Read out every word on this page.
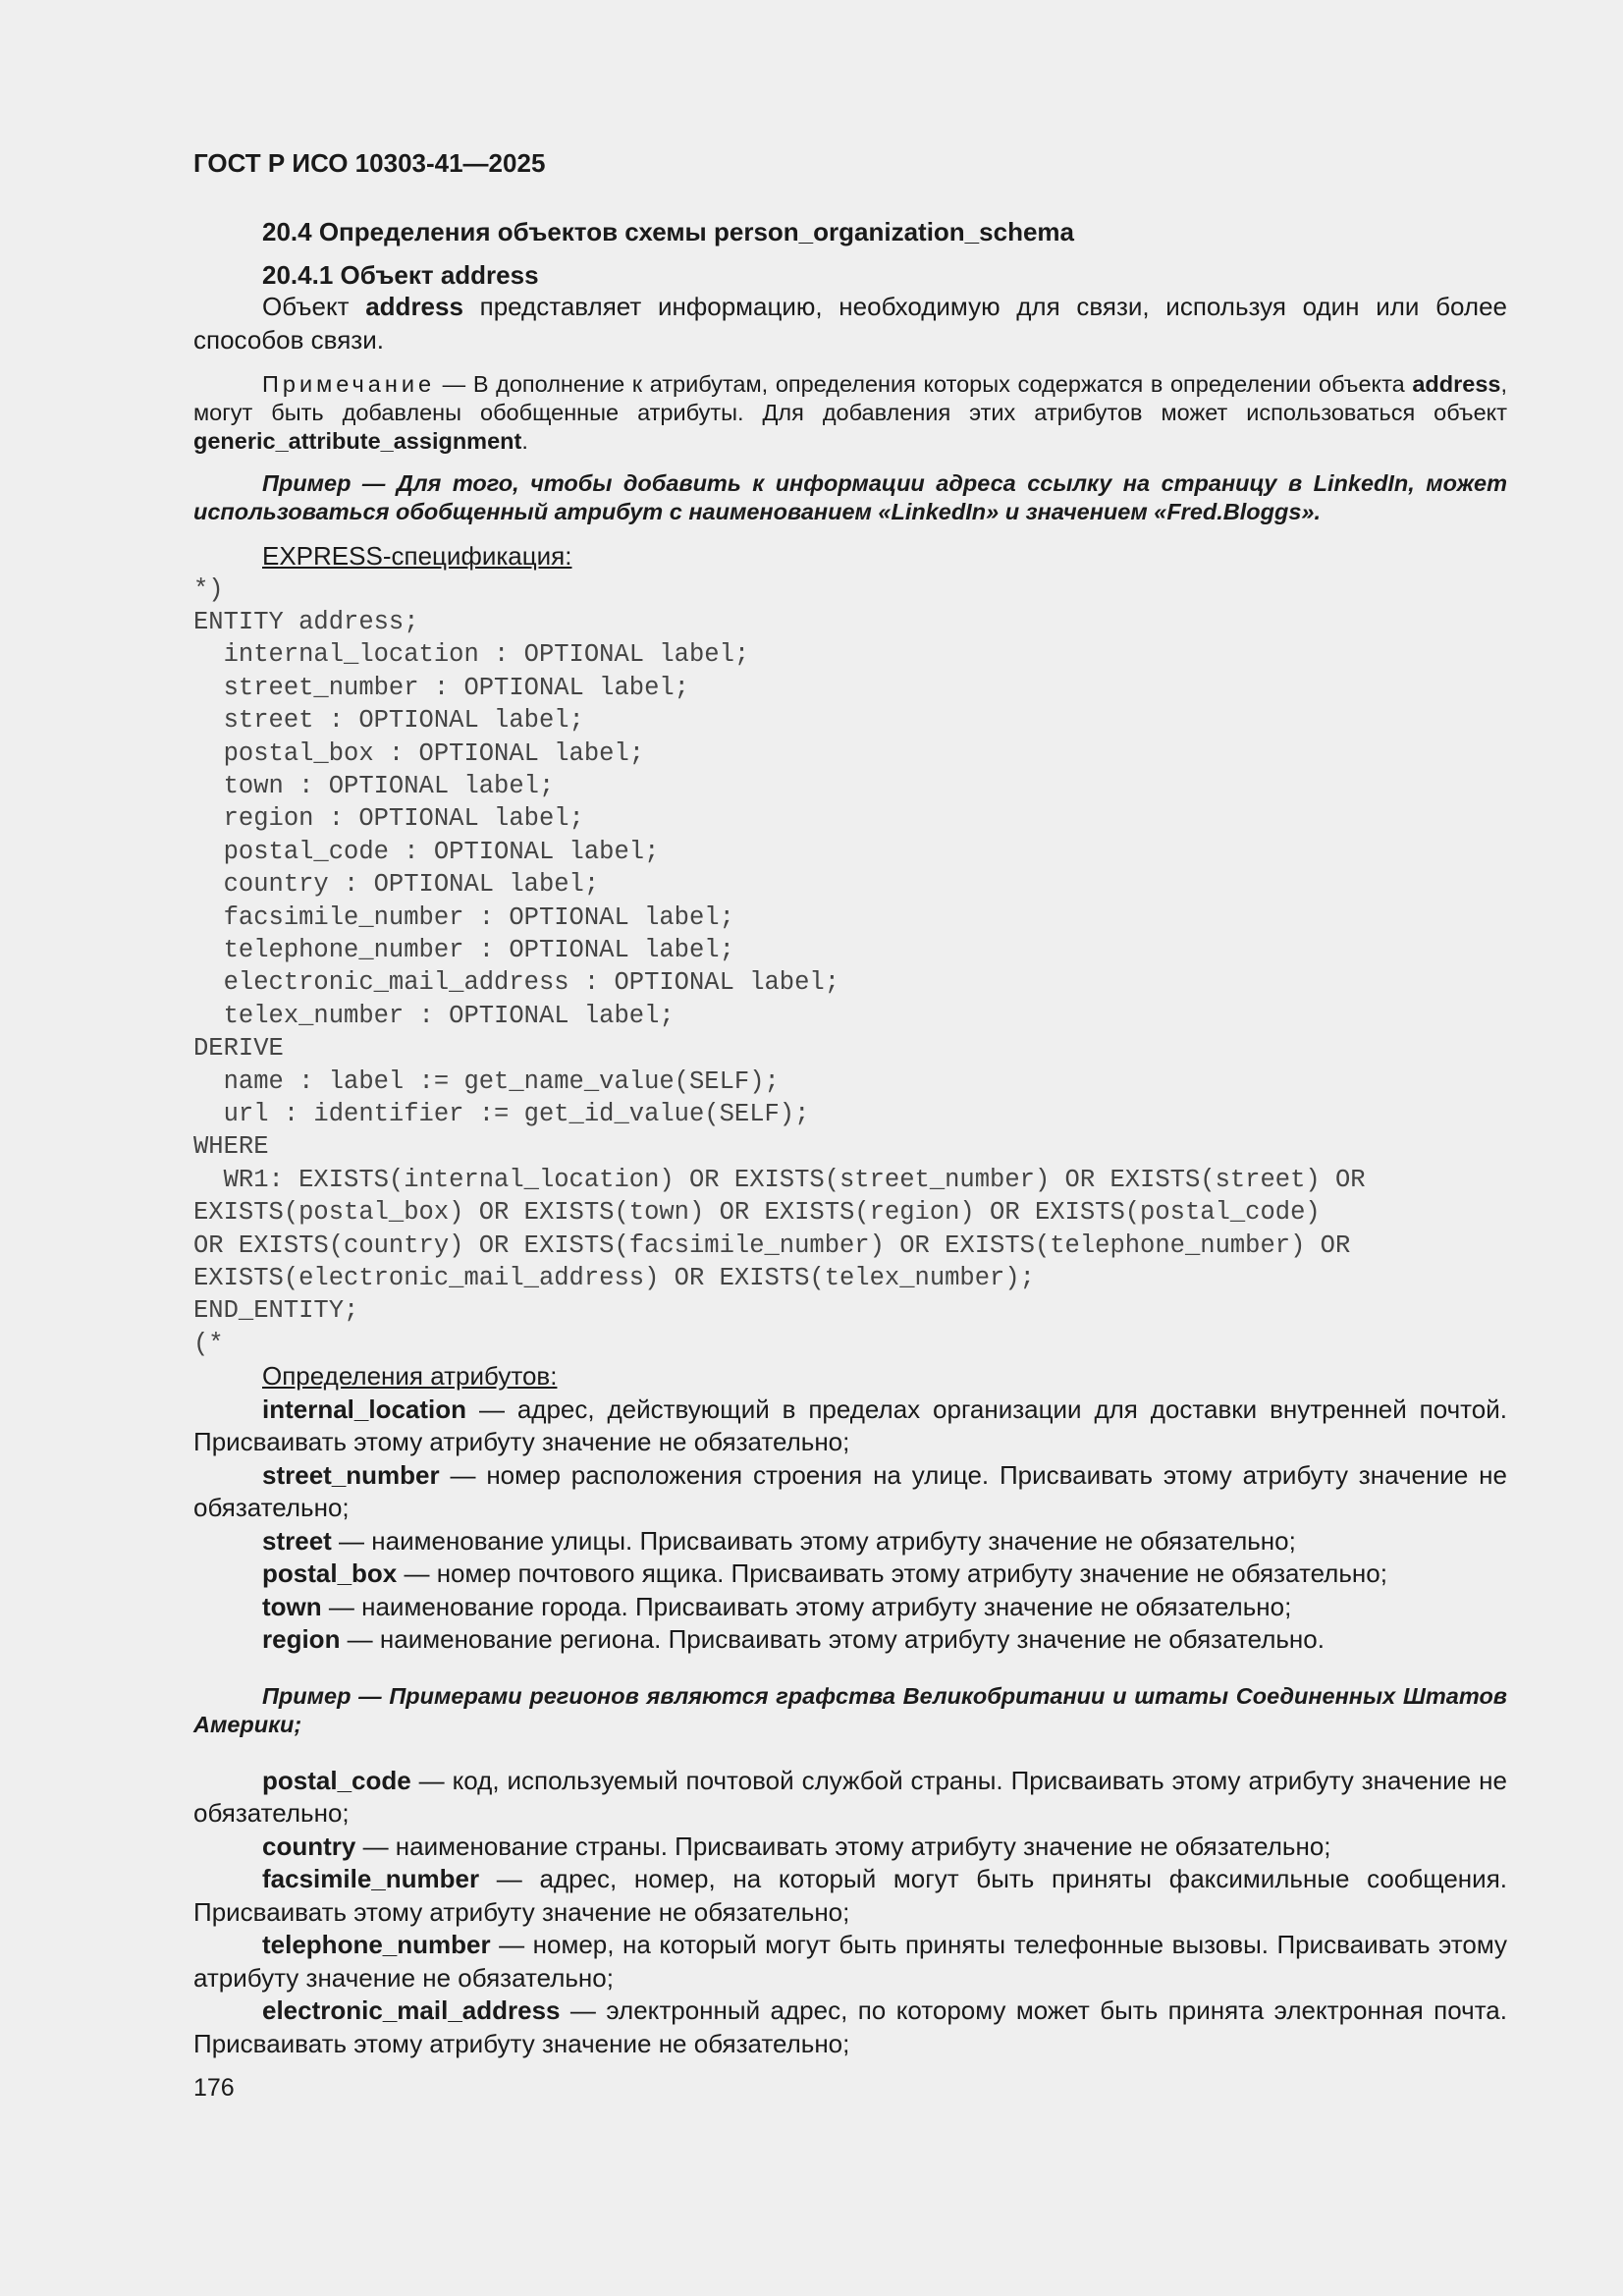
ГОСТ Р ИСО 10303-41—2025
20.4 Определения объектов схемы person_organization_schema
20.4.1 Объект address

Объект address представляет информацию, необходимую для связи, используя один или более способов связи.

Примечание — В дополнение к атрибутам, определения которых содержатся в определении объекта address, могут быть добавлены обобщенные атрибуты. Для добавления этих атрибутов может использоваться объект generic_attribute_assignment.

Пример — Для того, чтобы добавить к информации адреса ссылку на страницу в LinkedIn, может использоваться обобщенный атрибут с наименованием «LinkedIn» и значением «Fred.Bloggs».

EXPRESS-спецификация:
*)
ENTITY address;
internal_location : OPTIONAL label;
street_number : OPTIONAL label;
street : OPTIONAL label;
postal_box : OPTIONAL label;
town : OPTIONAL label;
region : OPTIONAL label;
postal_code : OPTIONAL label;
country : OPTIONAL label;
facsimile_number : OPTIONAL label;
telephone_number : OPTIONAL label;
electronic_mail_address : OPTIONAL label;
telex_number : OPTIONAL label;
DERIVE
name : label := get_name_value(SELF);
url : identifier := get_id_value(SELF);
WHERE
WR1: EXISTS(internal_location) OR EXISTS(street_number) OR EXISTS(street) OR
EXISTS(postal_box) OR EXISTS(town) OR EXISTS(region) OR EXISTS(postal_code)
OR EXISTS(country) OR EXISTS(facsimile_number) OR EXISTS(telephone_number) OR
EXISTS(electronic_mail_address) OR EXISTS(telex_number);
END_ENTITY;
(*
Определения атрибутов:

internal_location — адрес, действующий в пределах организации для доставки внутренней почтой. Присваивать этому атрибуту значение не обязательно;

street_number — номер расположения строения на улице. Присваивать этому атрибуту значение не обязательно;

street — наименование улицы. Присваивать этому атрибуту значение не обязательно;

postal_box — номер почтового ящика. Присваивать этому атрибуту значение не обязательно;

town — наименование города. Присваивать этому атрибуту значение не обязательно;

region — наименование региона. Присваивать этому атрибуту значение не обязательно.

Пример — Примерами регионов являются графства Великобритании и штаты Соединенных Штатов Америки;

postal_code — код, используемый почтовой службой страны. Присваивать этому атрибуту значение не обязательно;

country — наименование страны. Присваивать этому атрибуту значение не обязательно;

facsimile_number — адрес, номер, на который могут быть приняты факсимильные сообщения. Присваивать этому атрибуту значение не обязательно;

telephone_number — номер, на который могут быть приняты телефонные вызовы. Присваивать этому атрибуту значение не обязательно;

electronic_mail_address — электронный адрес, по которому может быть принята электронная почта. Присваивать этому атрибуту значение не обязательно;

176
